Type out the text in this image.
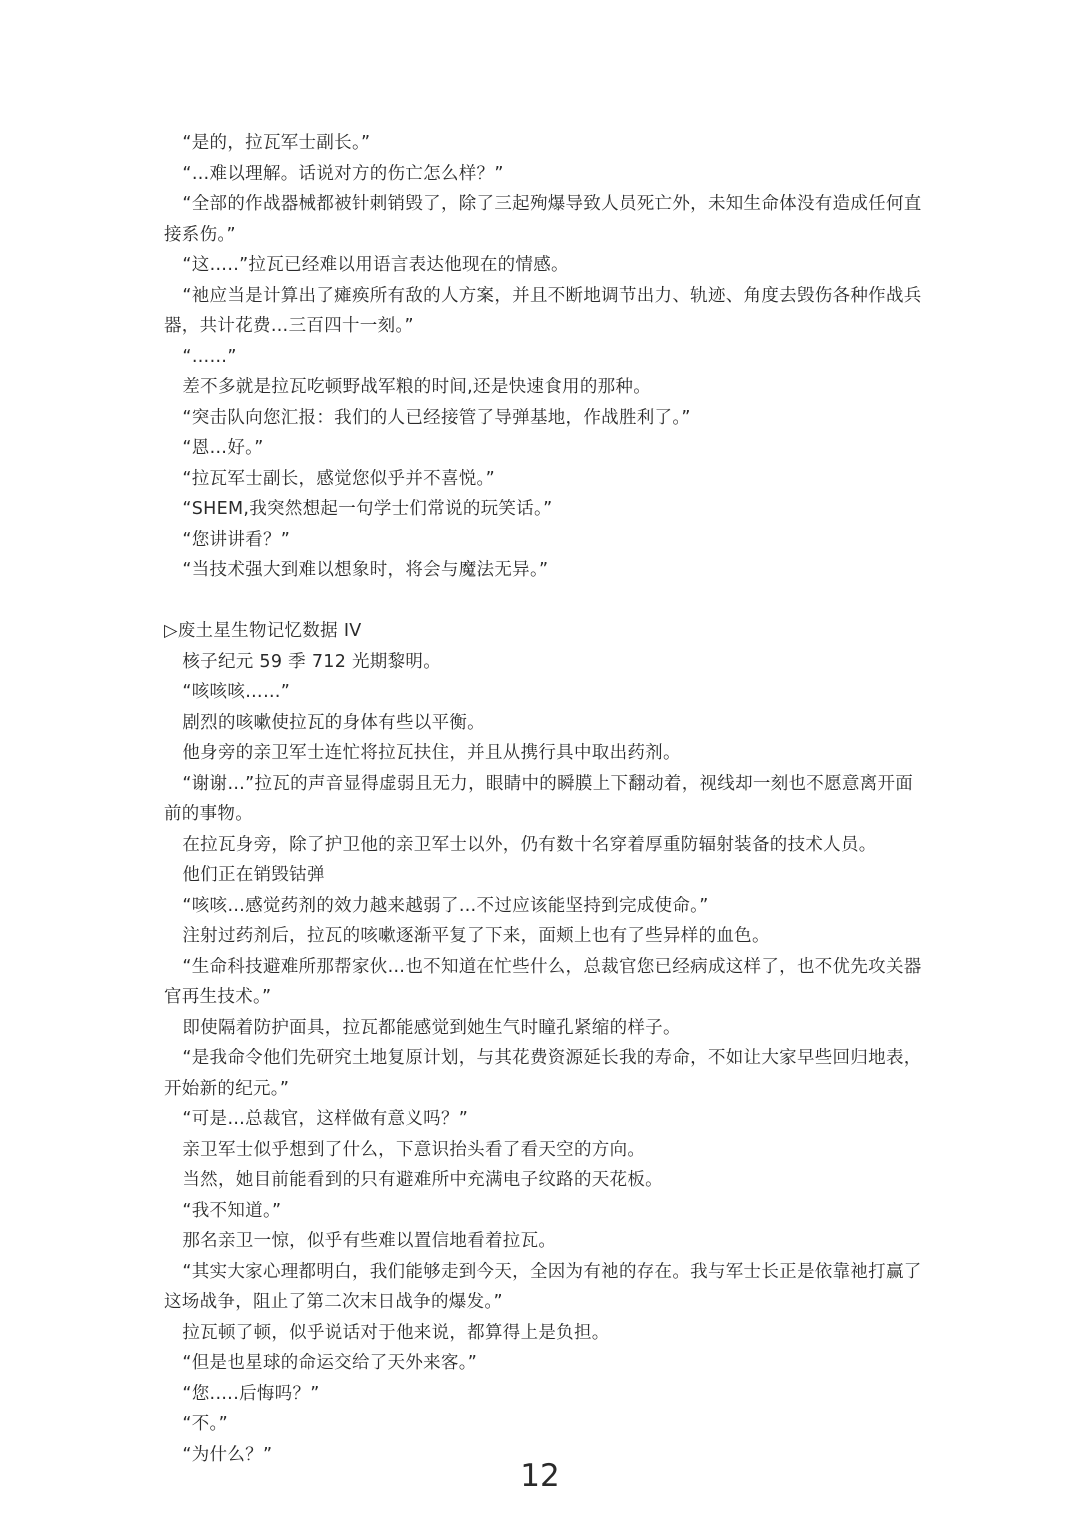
“是的，拉瓦军士副长。”

“…难以理解。话说对方的伤亡怎么样？”

“全部的作战器械都被针刺销毁了，除了三起殉爆导致人员死亡外，未知生命体没有造成任何直接系伤。”

“这…..”拉瓦已经难以用语言表达他现在的情感。

“祂应当是计算出了瘫痪所有敌的人方案，并且不断地调节出力、轨迹、角度去毁伤各种作战兵器，共计花费…三百四十一刻。”

“……”

差不多就是拉瓦吃顿野战军粮的时间,还是快速食用的那种。

“突击队向您汇报：我们的人已经接管了导弹基地，作战胜利了。”

“恩…好。”

“拉瓦军士副长，感觉您似乎并不喜悦。”

“SHEM,我突然想起一句学士们常说的玩笑话。”

“您讲讲看？”

“当技术强大到难以想象时，将会与魔法无异。”

▷废土星生物记忆数据 IV

核子纪元 59 季 712 光期黎明。

“咳咳咳……”

剧烈的咳嗽使拉瓦的身体有些以平衡。

他身旁的亲卫军士连忙将拉瓦扶住，并且从携行具中取出药剂。

“谢谢…”拉瓦的声音显得虚弱且无力，眼睛中的瞬膜上下翻动着，视线却一刻也不愿意离开面前的事物。

在拉瓦身旁，除了护卫他的亲卫军士以外，仍有数十名穿着厚重防辐射装备的技术人员。

他们正在销毁钴弹

“咳咳…感觉药剂的效力越来越弱了…不过应该能坚持到完成使命。”

注射过药剂后，拉瓦的咳嗽逐渐平复了下来，面颊上也有了些异样的血色。

“生命科技避难所那帮家伙…也不知道在忙些什么，总裁官您已经病成这样了，也不优先攻关器官再生技术。”

即使隔着防护面具，拉瓦都能感觉到她生气时瞳孔紧缩的样子。

“是我命令他们先研究土地复原计划，与其花费资源延长我的寿命，不如让大家早些回归地表，开始新的纪元。”

“可是…总裁官，这样做有意义吗？”

亲卫军士似乎想到了什么，下意识抬头看了看天空的方向。

当然，她目前能看到的只有避难所中充满电子纹路的天花板。

“我不知道。”

那名亲卫一惊，似乎有些难以置信地看着拉瓦。

“其实大家心理都明白，我们能够走到今天，全因为有祂的存在。我与军士长正是依靠祂打赢了这场战争，阻止了第二次末日战争的爆发。”

拉瓦顿了顿，似乎说话对于他来说，都算得上是负担。

“但是也星球的命运交给了天外来客。”

“您.….后悔吗？”

“不。”

“为什么？”

12
